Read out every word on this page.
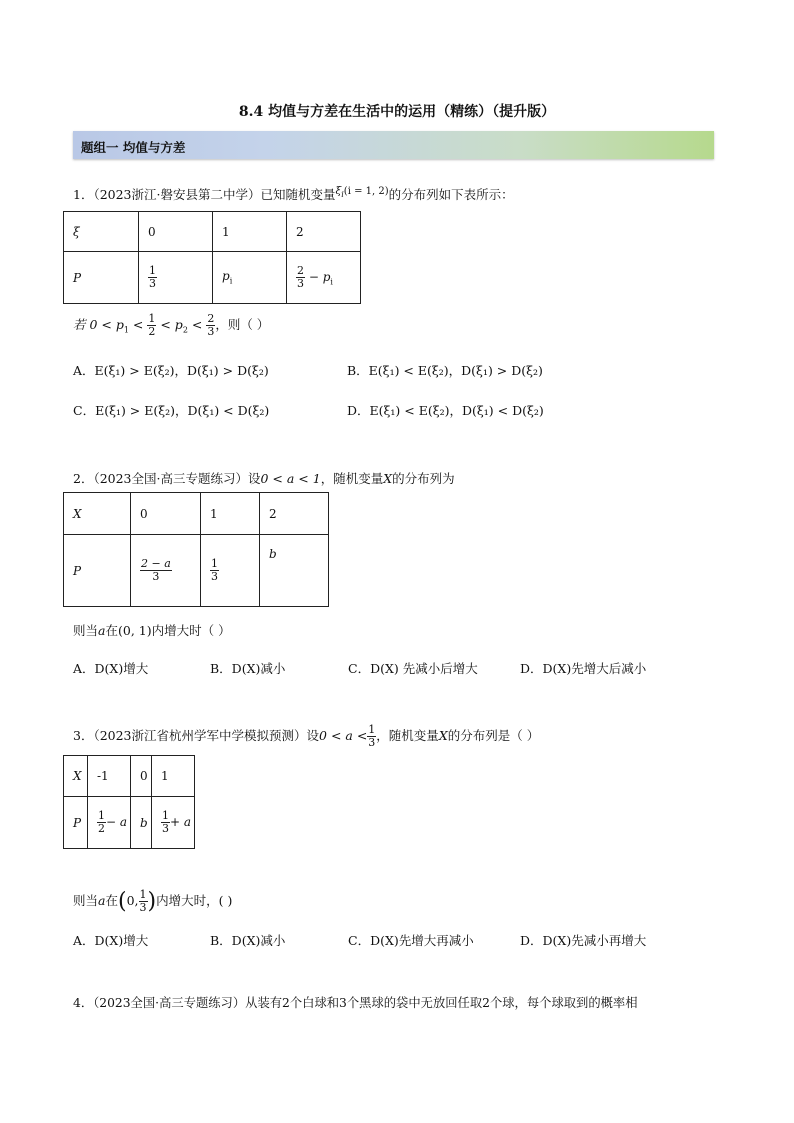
8.4 均值与方差在生活中的运用（精练）（提升版）
题组一 均值与方差
1．（2023浙江·磐安县第二中学）已知随机变量$^{\xi_i(i = 1, 2)}$的分布列如下表所示：
ξ	0	1	2
P	$\frac{1}{3}$	$p_i$	$\frac{2}{3} - p_i$
若 $0 < p_1 < \frac{1}{2} < p_2 < \frac{2}{3}$ ，则（ ）
A．E(ξ₁) > E(ξ₂)，D(ξ₁) > D(ξ₂)	B．E(ξ₁) < E(ξ₂)，D(ξ₁) > D(ξ₂)
C．E(ξ₁) > E(ξ₂)，D(ξ₁) < D(ξ₂)	D．E(ξ₁) < E(ξ₂)，D(ξ₁) < D(ξ₂)
2．（2023全国·高三专题练习）设0 < a < 1，随机变量X的分布列为
X	0	1	2
P	$\frac{2 - a}{3}$	$\frac{1}{3}$	b
则当a在(0, 1)内增大时（ ）
A．D(X)增大	B．D(X)减小	C．D(X) 先减小后增大	D．D(X)先增大后减小
3．（2023浙江省杭州学军中学模拟预测）设$0 < a < \frac{1}{3}$ ，随机变量X的分布列是（ ）
X	-1	0	1
P	$\frac{1}{2} - a$	b	$\frac{1}{3} + a$
则当a在(0, $\frac{1}{3}$ )内增大时，( )
A．D(X)增大	B．D(X)减小	C．D(X)先增大再减小	D．D(X)先减小再增大
4．（2023全国·高三专题练习）从装有2个白球和3个黑球的袋中无放回任取2个球，每个球取到的概率相
